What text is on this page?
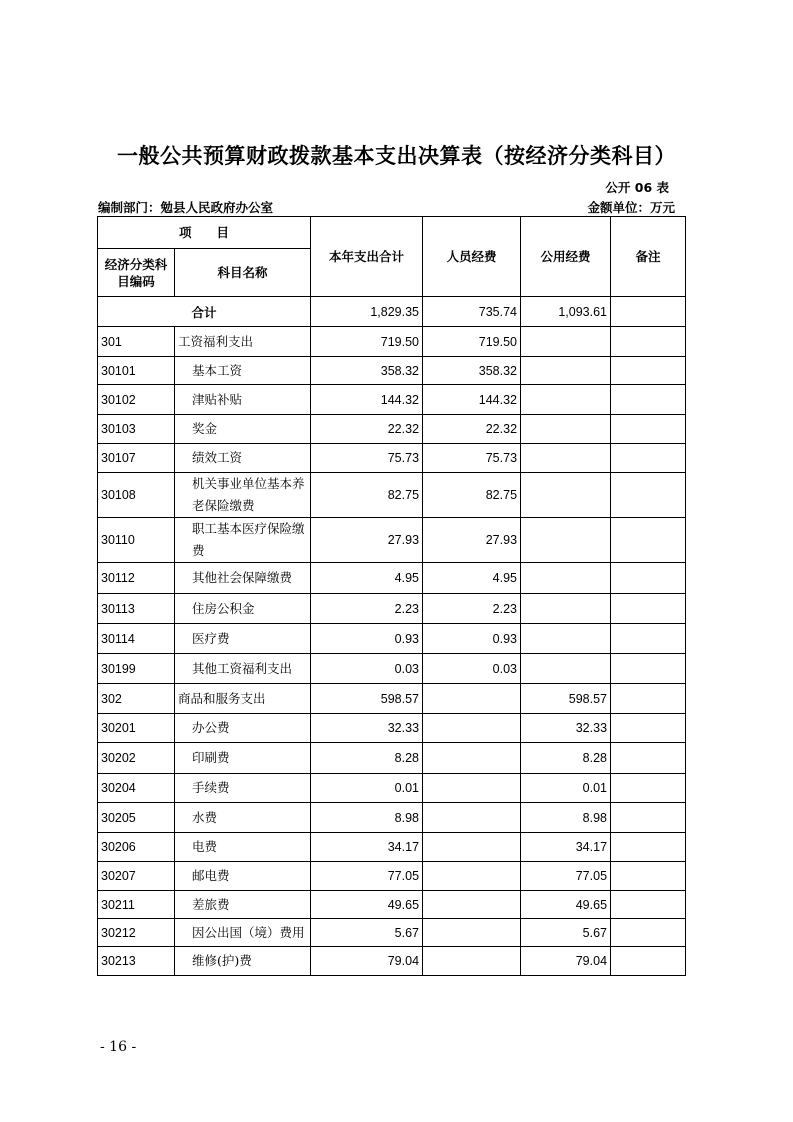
一般公共预算财政拨款基本支出决算表（按经济分类科目）
公开 06 表
编制部门：勉县人民政府办公室	金额单位：万元
项　　目		本年支出合计	人员经费	公用经费	备注
经济分类科目编码	科目名称				
合计		1,829.35	735.74	1,093.61	
301	工资福利支出	719.50	719.50		
30101	基本工资	358.32	358.32		
30102	津贴补贴	144.32	144.32		
30103	奖金	22.32	22.32		
30107	绩效工资	75.73	75.73		
30108	机关事业单位基本养老保险缴费	82.75	82.75		
30110	职工基本医疗保险缴费	27.93	27.93		
30112	其他社会保障缴费	4.95	4.95		
30113	住房公积金	2.23	2.23		
30114	医疗费	0.93	0.93		
30199	其他工资福利支出	0.03	0.03		
302	商品和服务支出	598.57		598.57	
30201	办公费	32.33		32.33	
30202	印刷费	8.28		8.28	
30204	手续费	0.01		0.01	
30205	水费	8.98		8.98	
30206	电费	34.17		34.17	
30207	邮电费	77.05		77.05	
30211	差旅费	49.65		49.65	
30212	因公出国（境）费用	5.67		5.67	
30213	维修(护)费	79.04		79.04	
- 16 -
